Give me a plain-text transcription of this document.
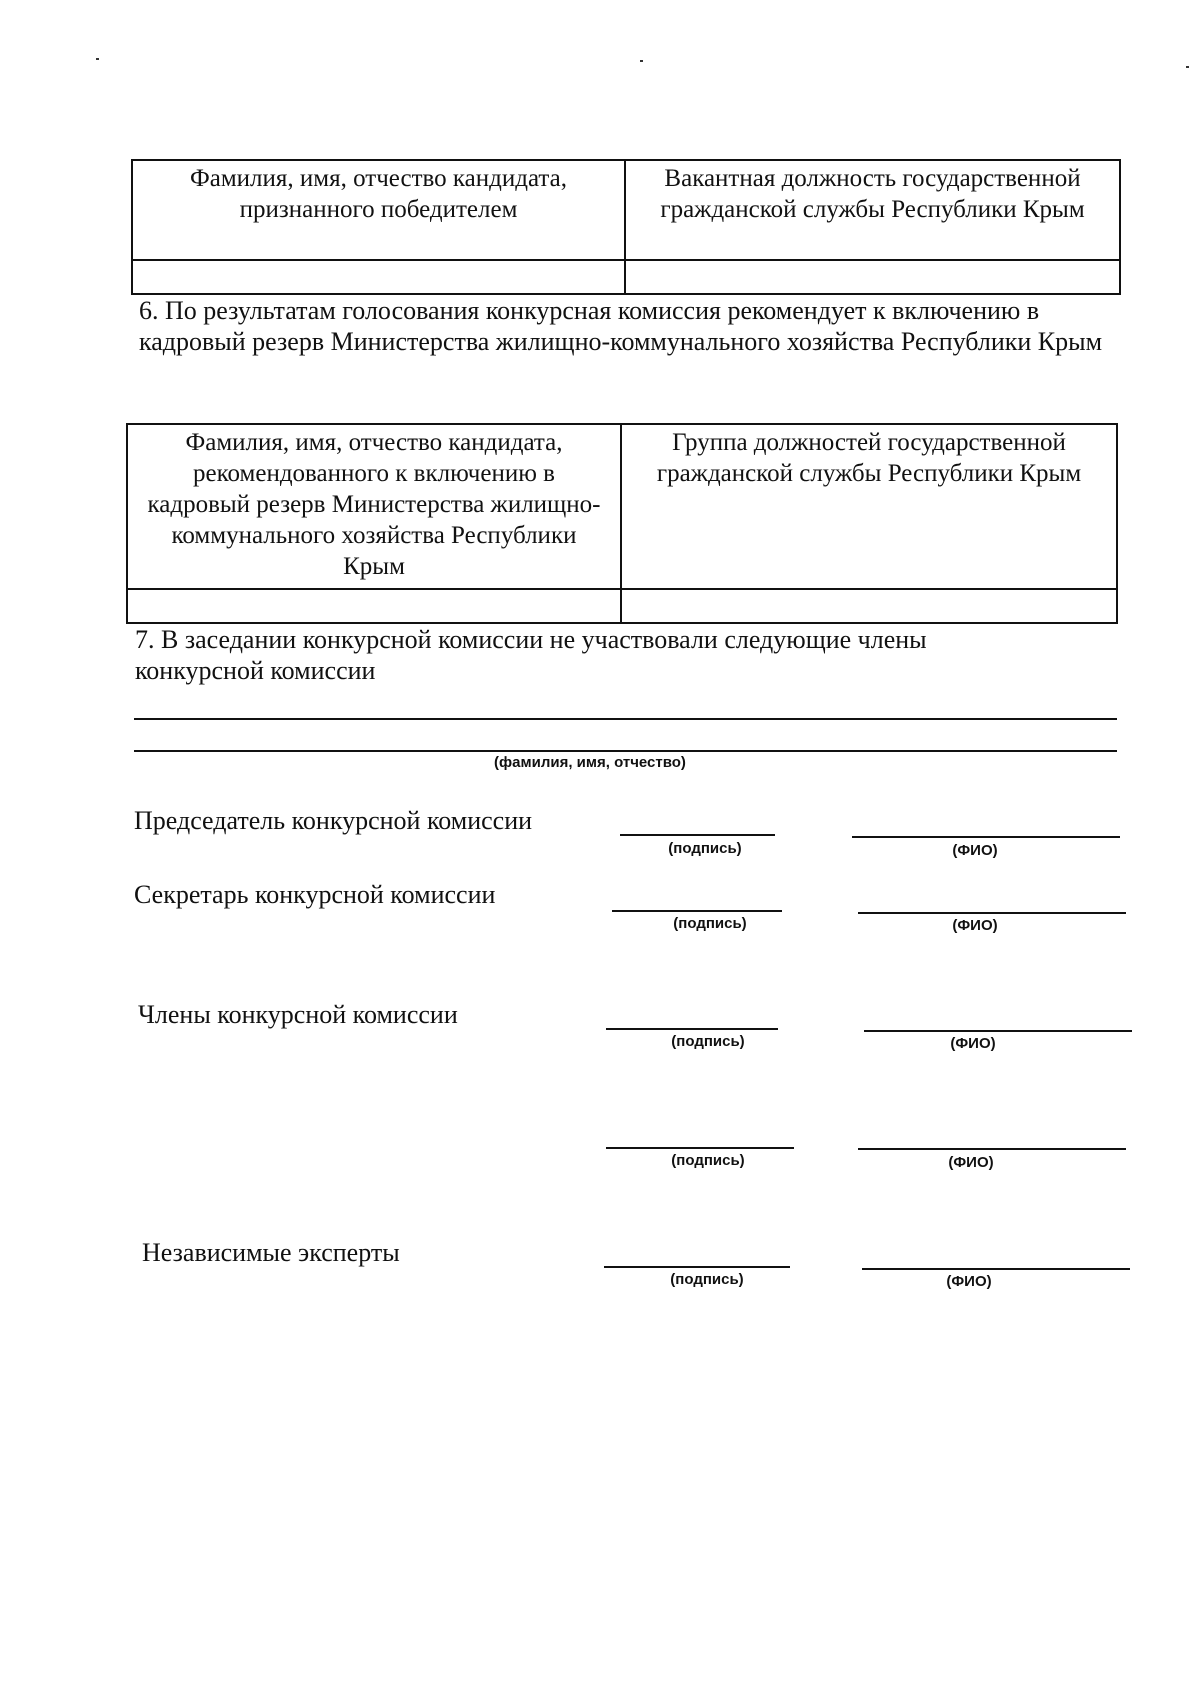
Фамилия, имя, отчество кандидата, признанного победителем	Вакантная должность государственной гражданской службы Республики Крым

6. По результатам голосования конкурсная комиссия рекомендует к включению в кадровый резерв Министерства жилищно-коммунального хозяйства Республики Крым
Фамилия, имя, отчество кандидата, рекомендованного к включению в кадровый резерв Министерства жилищно-коммунального хозяйства Республики Крым	Группа должностей государственной гражданской службы Республики Крым

7. В заседании конкурсной комиссии не участвовали следующие члены конкурсной комиссии
(фамилия, имя, отчество)
Председатель конкурсной комиссии
(подпись)	(ФИО)
Секретарь конкурсной комиссии
(подпись)	(ФИО)
Члены конкурсной комиссии
(подпись)	(ФИО)
(подпись)	(ФИО)
Независимые эксперты
(подпись)	(ФИО)
